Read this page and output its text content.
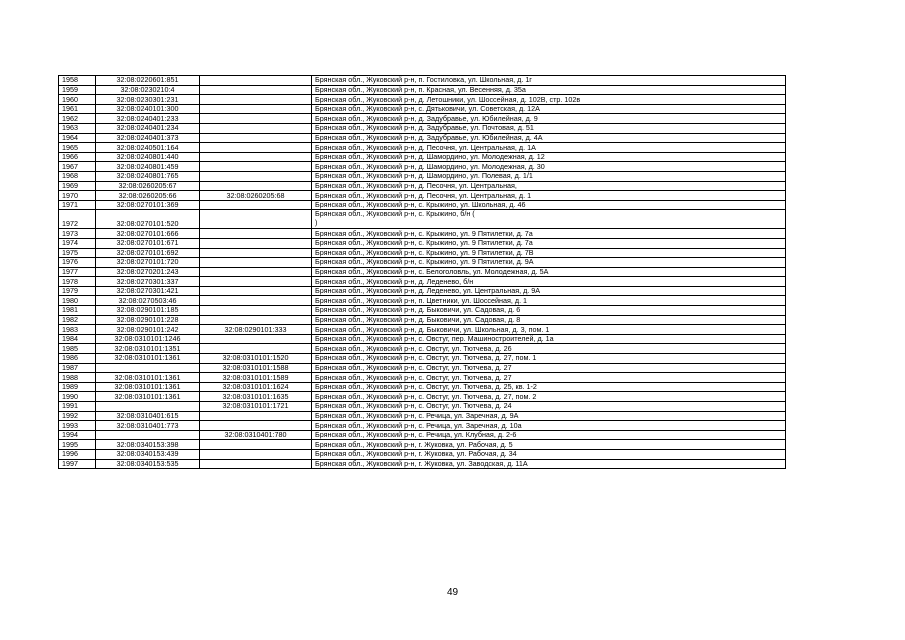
1958	32:08:0220601:851		Брянская обл., Жуковский р-н, п. Гостиловка, ул. Школьная, д. 1г
1959	32:08:0230210:4		Брянская обл., Жуковский р-н, п. Красная, ул. Весенняя, д. 35а
1960	32:08:0230301:231		Брянская обл., Жуковский р-н, д. Летошники, ул. Шоссейная, д. 102В, стр. 102в
1961	32:08:0240101:300		Брянская обл., Жуковский р-н, с. Дятьковичи, ул. Советская, д. 12А
1962	32:08:0240401:233		Брянская обл., Жуковский р-н, д. Задубравье, ул. Юбилейная, д. 9
1963	32:08:0240401:234		Брянская обл., Жуковский р-н, д. Задубравье, ул. Почтовая, д. 51
1964	32:08:0240401:373		Брянская обл., Жуковский р-н, д. Задубравье, ул. Юбилейная, д. 4А
1965	32:08:0240501:164		Брянская обл., Жуковский р-н, д. Песочня, ул. Центральная, д. 1А
1966	32:08:0240801:440		Брянская обл., Жуковский р-н, д. Шамордино, ул. Молодежная, д. 12
1967	32:08:0240801:459		Брянская обл., Жуковский р-н, д. Шамордино, ул. Молодежная, д. 30
1968	32:08:0240801:765		Брянская обл., Жуковский р-н, д. Шамордино, ул. Полевая, д. 1/1
1969	32:08:0260205:67		Брянская обл., Жуковский р-н, д. Песочня, ул. Центральная,
1970	32:08:0260205:66	32:08:0260205:68	Брянская обл., Жуковский р-н, д. Песочня, ул. Центральная, д. 1
1971	32:08:0270101:369		Брянская обл., Жуковский р-н, с. Крыжино, ул. Школьная, д. 46
1972	32:08:0270101:520		Брянская обл., Жуковский р-н, с. Крыжино, б/н (
)

1973	32:08:0270101:666		Брянская обл., Жуковский р-н, с. Крыжино, ул. 9 Пятилетки, д. 7а
1974	32:08:0270101:671		Брянская обл., Жуковский р-н, с. Крыжино, ул. 9 Пятилетки, д. 7а
1975	32:08:0270101:692		Брянская обл., Жуковский р-н, с. Крыжино, ул. 9 Пятилетки, д. 7В
1976	32:08:0270101:720		Брянская обл., Жуковский р-н, с. Крыжино, ул. 9 Пятилетки, д. 9А
1977	32:08:0270201:243		Брянская обл., Жуковский р-н, с. Белоголовль, ул. Молодежная, д. 5А
1978	32:08:0270301:337		Брянская обл., Жуковский р-н, д. Леденево, б/н
1979	32:08:0270301:421		Брянская обл., Жуковский р-н, д. Леденево, ул. Центральная, д. 9А
1980	32:08:0270503:46		Брянская обл., Жуковский р-н, п. Цветники, ул. Шоссейная, д. 1
1981	32:08:0290101:185		Брянская обл., Жуковский р-н, д. Быковичи, ул. Садовая, д. 6
1982	32:08:0290101:228		Брянская обл., Жуковский р-н, д. Быковичи, ул. Садовая, д. 8
1983	32:08:0290101:242	32:08:0290101:333	Брянская обл., Жуковский р-н, д. Быковичи, ул. Школьная, д. 3, пом. 1
1984	32:08:0310101:1246		Брянская обл., Жуковский р-н, с. Овстуг, пер. Машиностроителей, д. 1а
1985	32:08:0310101:1351		Брянская обл., Жуковский р-н, с. Овстуг, ул. Тютчева, д. 26
1986	32:08:0310101:1361	32:08:0310101:1520	Брянская обл., Жуковский р-н, с. Овстуг, ул. Тютчева, д. 27, пом. 1
1987		32:08:0310101:1588	Брянская обл., Жуковский р-н, с. Овстуг, ул. Тютчева, д. 27
1988	32:08:0310101:1361	32:08:0310101:1589	Брянская обл., Жуковский р-н, с. Овстуг, ул. Тютчева, д. 27
1989	32:08:0310101:1361	32:08:0310101:1624	Брянская обл., Жуковский р-н, с. Овстуг, ул. Тютчева, д. 25, кв. 1-2
1990	32:08:0310101:1361	32:08:0310101:1635	Брянская обл., Жуковский р-н, с. Овстуг, ул. Тютчева, д. 27, пом. 2
1991		32:08:0310101:1721	Брянская обл., Жуковский р-н, с. Овстуг, ул. Тютчева, д. 24
1992	32:08:0310401:615		Брянская обл., Жуковский р-н, с. Речица, ул. Заречная, д. 9А
1993	32:08:0310401:773		Брянская обл., Жуковский р-н, с. Речица, ул. Заречная, д. 10а
1994		32:08:0310401:780	Брянская обл., Жуковский р-н, с. Речица, ул. Клубная, д. 2-6
1995	32:08:0340153:398		Брянская обл., Жуковский р-н, г. Жуковка, ул. Рабочая, д. 5
1996	32:08:0340153:439		Брянская обл., Жуковский р-н, г. Жуковка, ул. Рабочая, д. 34
1997	32:08:0340153:535		Брянская обл., Жуковский р-н, г. Жуковка, ул. Заводская, д. 11А
49
